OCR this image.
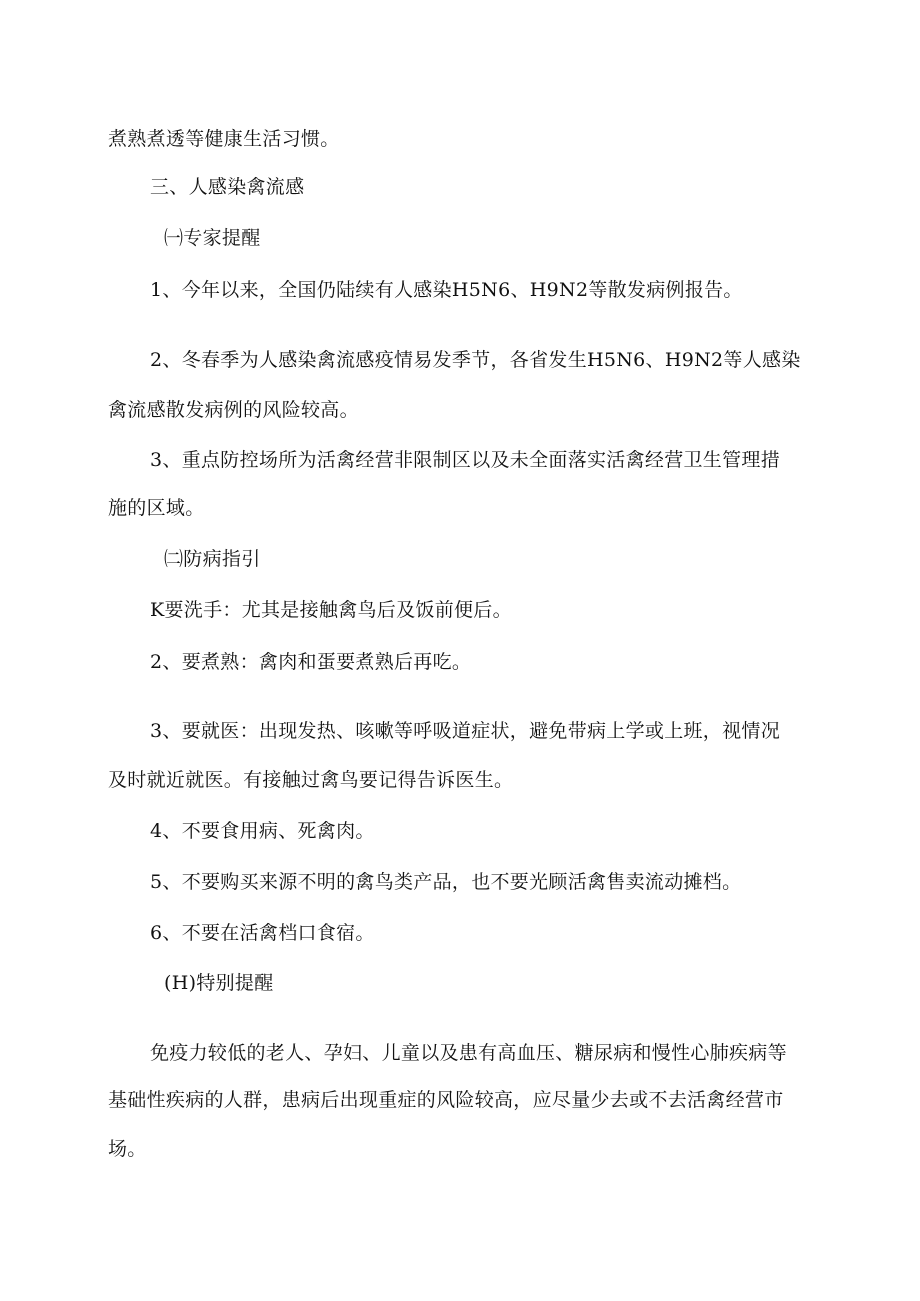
煮熟煮透等健康生活习惯。
三、人感染禽流感
㈠专家提醒
1、今年以来，全国仍陆续有人感染H5N6、H9N2等散发病例报告。
2、冬春季为人感染禽流感疫情易发季节，各省发生H5N6、H9N2等人感染
禽流感散发病例的风险较高。
3、重点防控场所为活禽经营非限制区以及未全面落实活禽经营卫生管理措
施的区域。
㈡防病指引
K要洗手：尤其是接触禽鸟后及饭前便后。
2、要煮熟：禽肉和蛋要煮熟后再吃。
3、要就医：出现发热、咳嗽等呼吸道症状，避免带病上学或上班，视情况
及时就近就医。有接触过禽鸟要记得告诉医生。
4、不要食用病、死禽肉。
5、不要购买来源不明的禽鸟类产品，也不要光顾活禽售卖流动摊档。
6、不要在活禽档口食宿。
(H)特别提醒
免疫力较低的老人、孕妇、儿童以及患有高血压、糖尿病和慢性心肺疾病等
基础性疾病的人群，患病后出现重症的风险较高，应尽量少去或不去活禽经营市
场。
